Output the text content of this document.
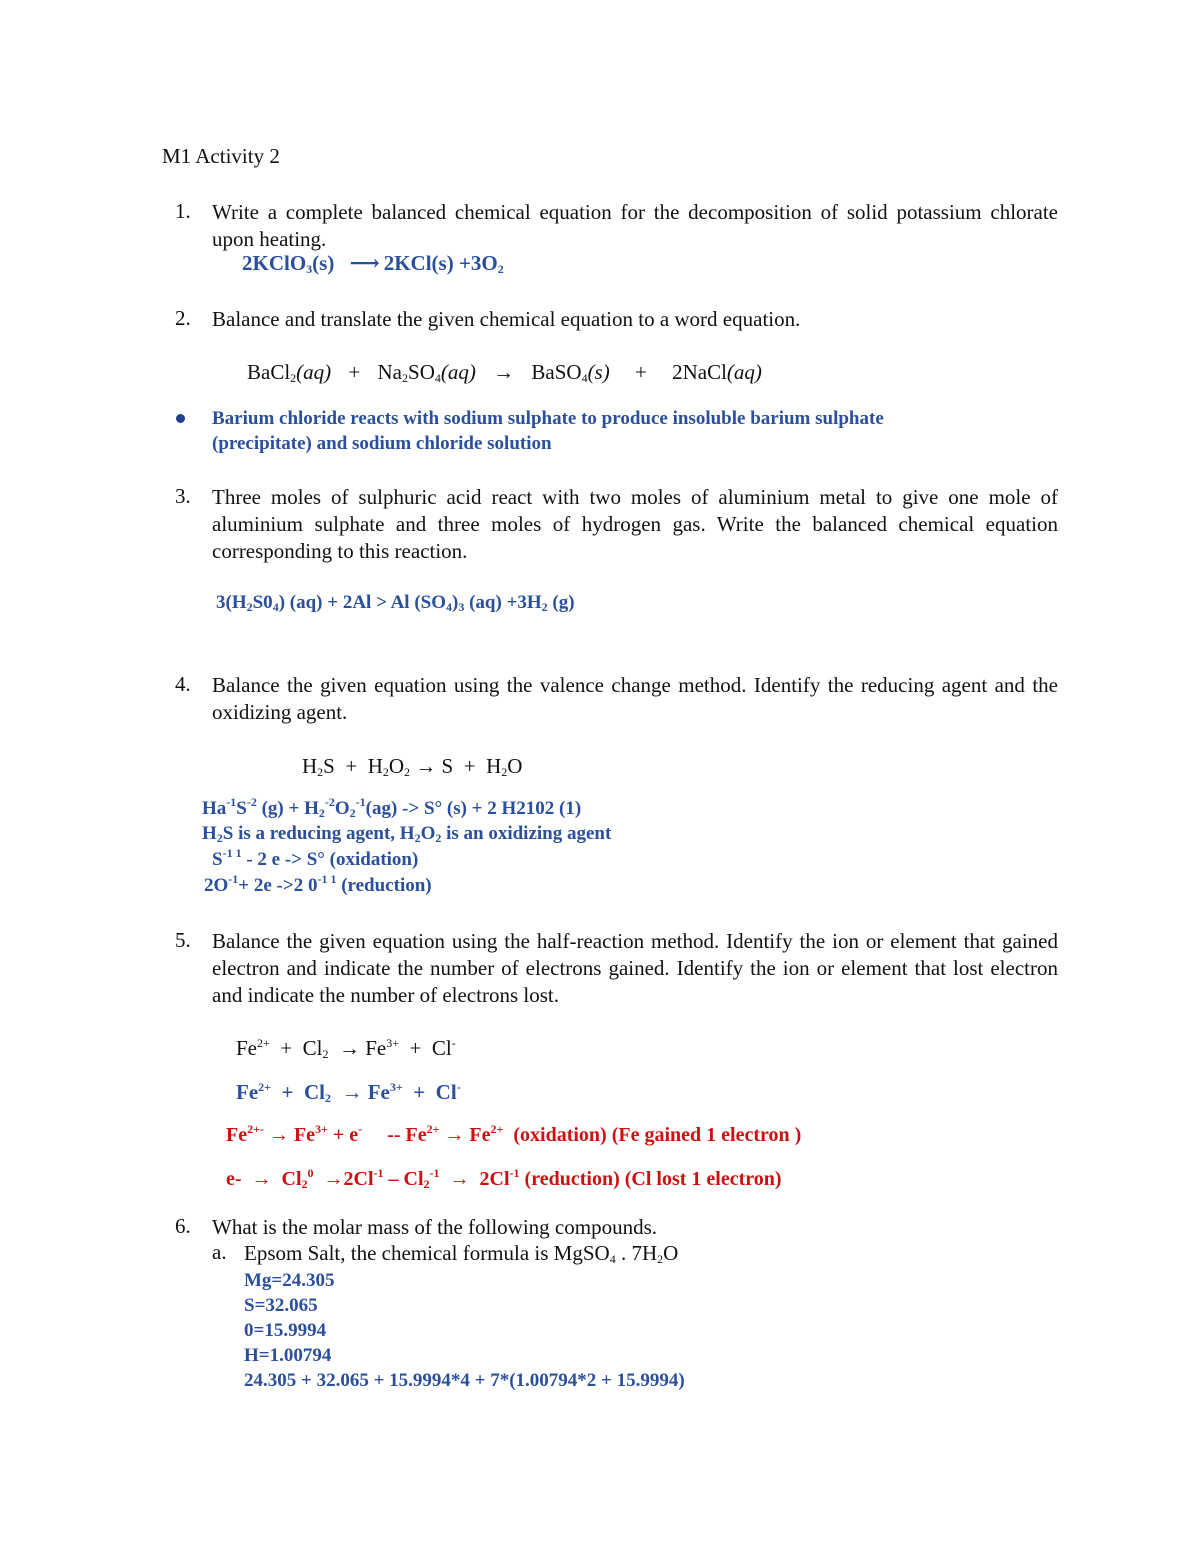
M1 Activity 2
1. Write a complete balanced chemical equation for the decomposition of solid potassium chlorate upon heating.
2KClO$_3$(s) ⟶ $2KCl(s) +3O_2$
2. Balance and translate the given chemical equation to a word equation.
BaCl$_2$(aq) + $Na_2SO_4(aq)$ → BaSO$_4$(s) + 2NaCl(aq)
Barium chloride reacts with sodium sulphate to produce insoluble barium sulphate
(precipitate) and sodium chloride solution
3. Three moles of sulphuric acid react with two moles of aluminium metal to give one mole of aluminium sulphate and three moles of hydrogen gas. Write the balanced chemical equation corresponding to this reaction.
$3(H_2S0_4) (aq) + 2Al > Al$ $(SO_4)_3$ $(aq) +3H_2$ (g)
4. Balance the given equation using the valence change method. Identify the reducing agent and the oxidizing agent.
$H_2S + H_2O_2 \to S + H_2O$
$Ha^{-1}S^{-2}$ $(g) + H_2^{-2}O_2^{-1}(ag) -> S^\circ$ (s) + 2 H2102 (1)
$H_2S$ is a reducing agent, $H_2O_2$ is an oxidizing agent
$S^{-1 1} - 2$ e -> S° (oxidation)
$2O^{-1}+ 2e$ ->2 $0^{-1 1}$ (reduction)
5. Balance the given equation using the half-reaction method. Identify the ion or element that gained electron and indicate the number of electrons gained. Identify the ion or element that lost electron and indicate the number of electrons lost.
$Fe^{2+} + Cl_2 \to Fe^{3+} + Cl^-$
$Fe^{2+} + Cl_2 \to Fe^{3+} + Cl^-$
$Fe^{2+-} \to Fe^{3+} + e^-$     -- $Fe^{2+} \to Fe^{2+}$  (oxidation) (Fe gained 1 electron )
$e- \to Cl_2^0 \to 2Cl^{-1} - Cl_2^{-1} \to 2Cl^{-1}$ (reduction) (Cl lost 1 electron)
6. What is the molar mass of the following compounds.
a. Epsom Salt, the chemical formula is MgSO$_4$ . $7H_2O$
Mg=24.305
S=32.065
0=15.9994
H=1.00794
24.305 + 32.065 + 15.9994*4 + 7*(1.00794*2 + 15.9994)
